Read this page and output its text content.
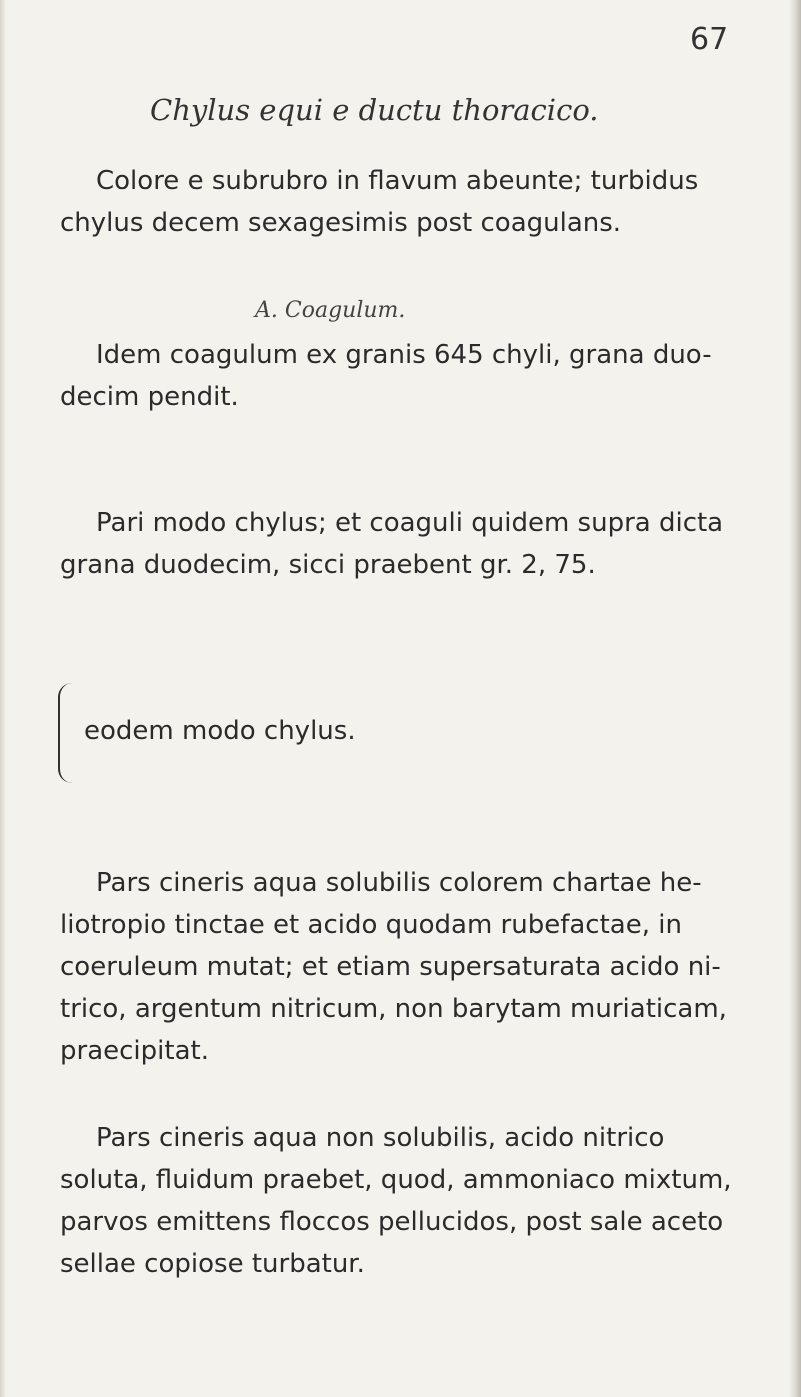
67
Chylus equi e ductu thoracico.

Colore e subrubro in flavum abeunte; turbidus chylus decem sexagesimis post coagulans.

A. Coagulum.

Idem coagulum ex granis 645 chyli, grana duo- decim pendit.

Pari modo chylus; et coaguli quidem supra dicta grana duodecim, sicci praebent gr. 2, 75.

eodem modo chylus.

Pars cineris aqua solubilis colorem chartae he- liotropio tinctae et acido quodam rubefactae, in coeruleum mutat; et etiam supersaturata acido ni- trico, argentum nitricum, non barytam muriaticam, praecipitat.

Pars cineris aqua non solubilis, acido nitrico soluta, fluidum praebet, quod, ammoniaco mixtum, parvos emittens floccos pellucidos, post sale aceto sellae copiose turbatur.
